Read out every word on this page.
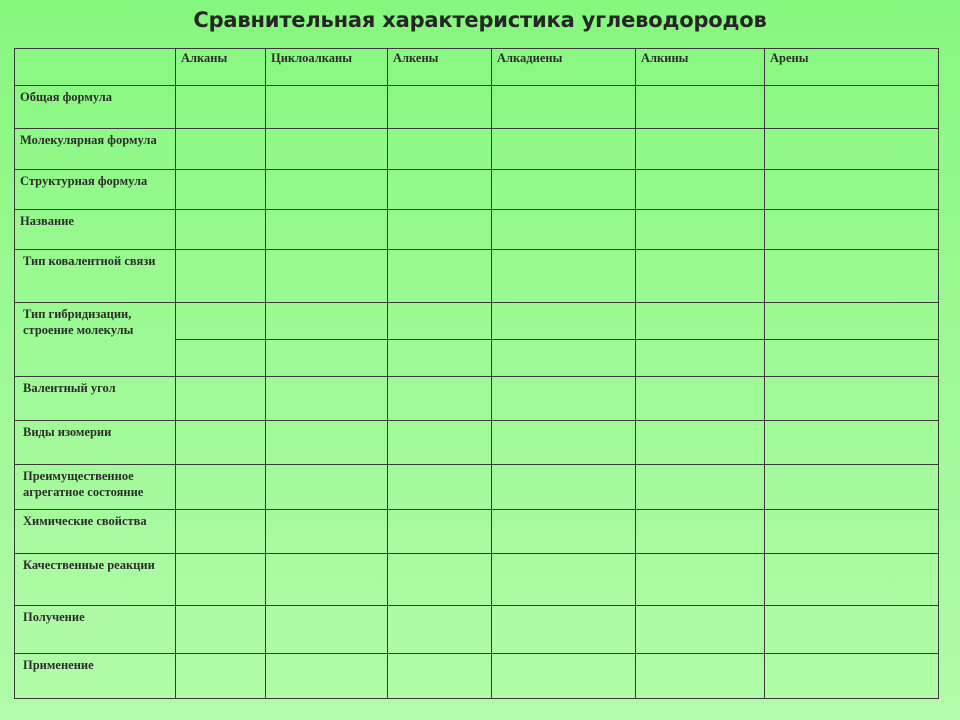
Сравнительная характеристика углеводородов
	Алканы	Циклоалканы	Алкены	Алкадиены	Алкины	Арены
Общая формула						
Молекулярная формула						
Структурная формула						
Название						
Тип ковалентной связи						
Тип гибридизации, строение молекулы						

Валентный угол						
Виды изомерии						
Преимущественное агрегатное состояние						
Химические свойства						
Качественные реакции						
Получение						
Применение						
